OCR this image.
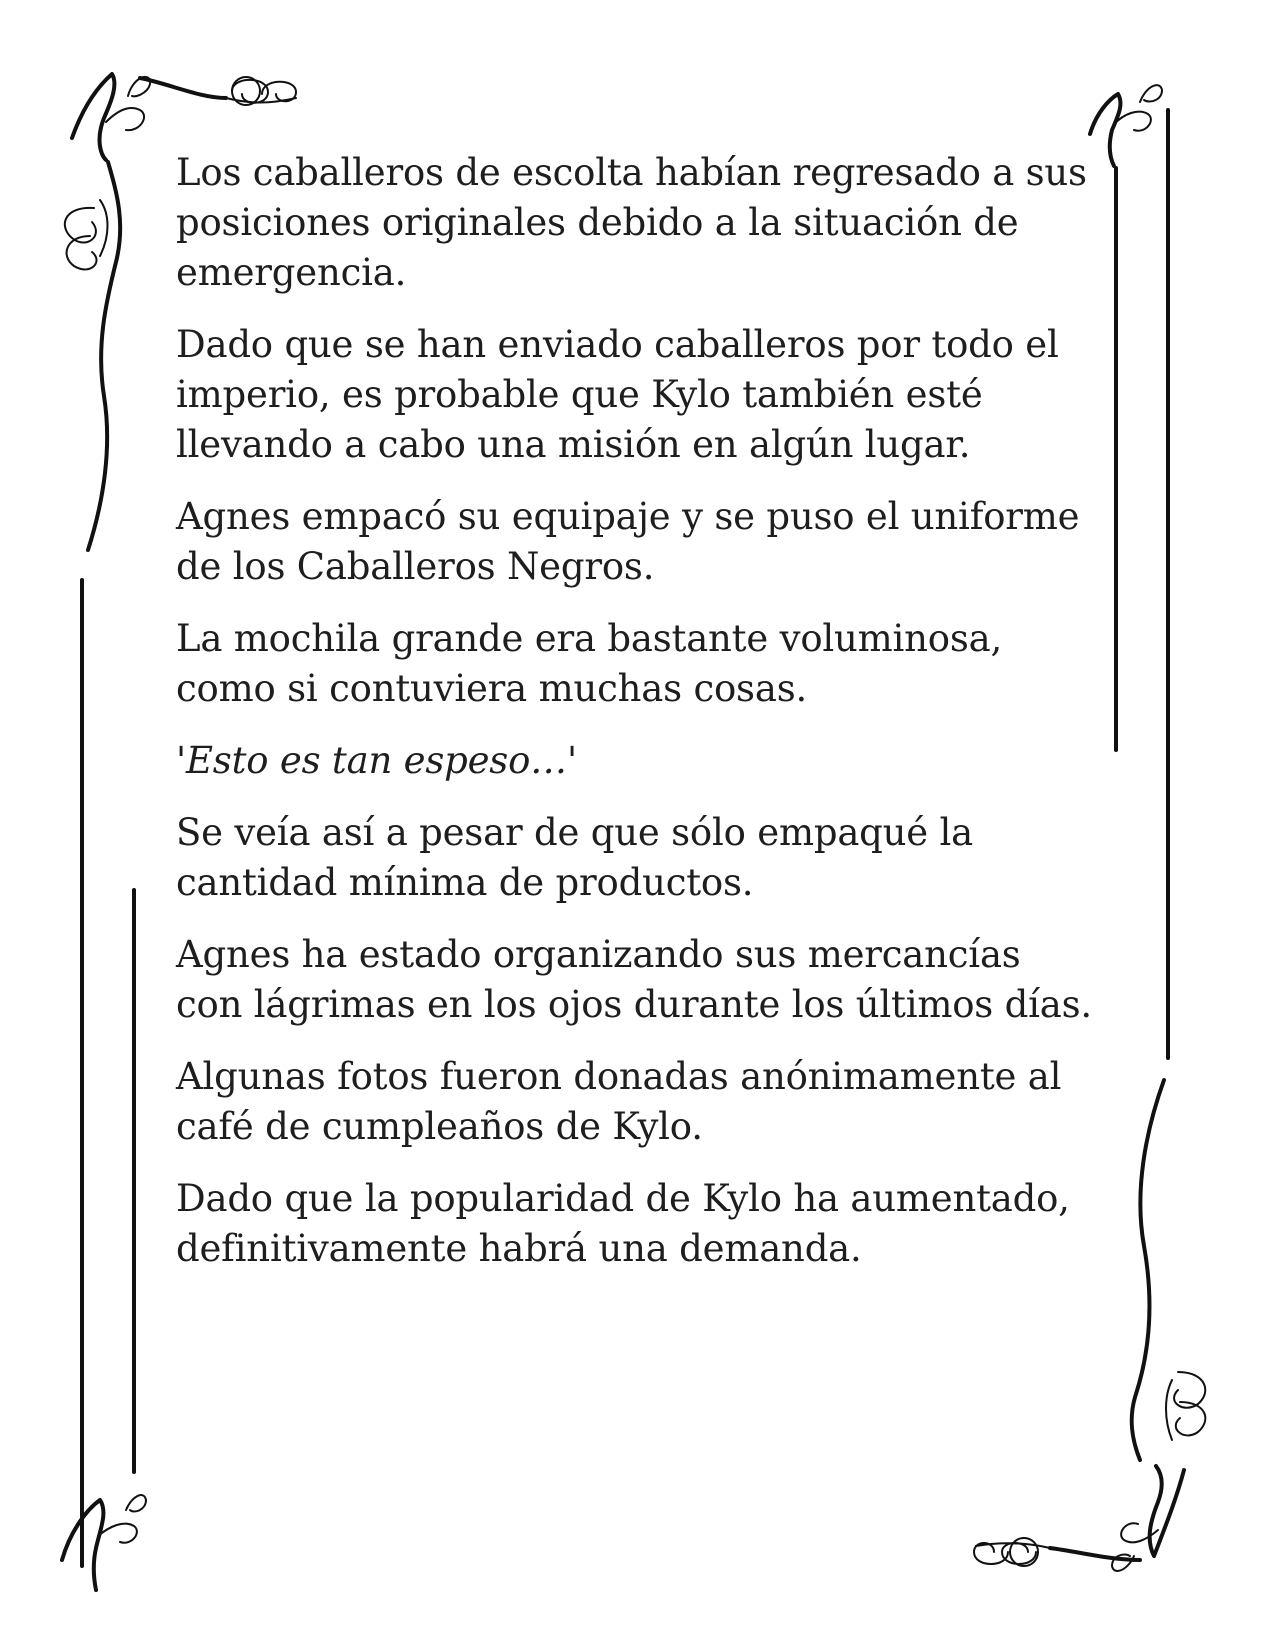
Los caballeros de escolta habían regresado a sus posiciones originales debido a la situación de emergencia.

Dado que se han enviado caballeros por todo el imperio, es probable que Kylo también esté llevando a cabo una misión en algún lugar.

Agnes empacó su equipaje y se puso el uniforme de los Caballeros Negros.

La mochila grande era bastante voluminosa, como si contuviera muchas cosas.

'Esto es tan espeso…'

Se veía así a pesar de que sólo empaqué la cantidad mínima de productos.

Agnes ha estado organizando sus mercancías con lágrimas en los ojos durante los últimos días.

Algunas fotos fueron donadas anónimamente al café de cumpleaños de Kylo.

Dado que la popularidad de Kylo ha aumentado, definitivamente habrá una demanda.
